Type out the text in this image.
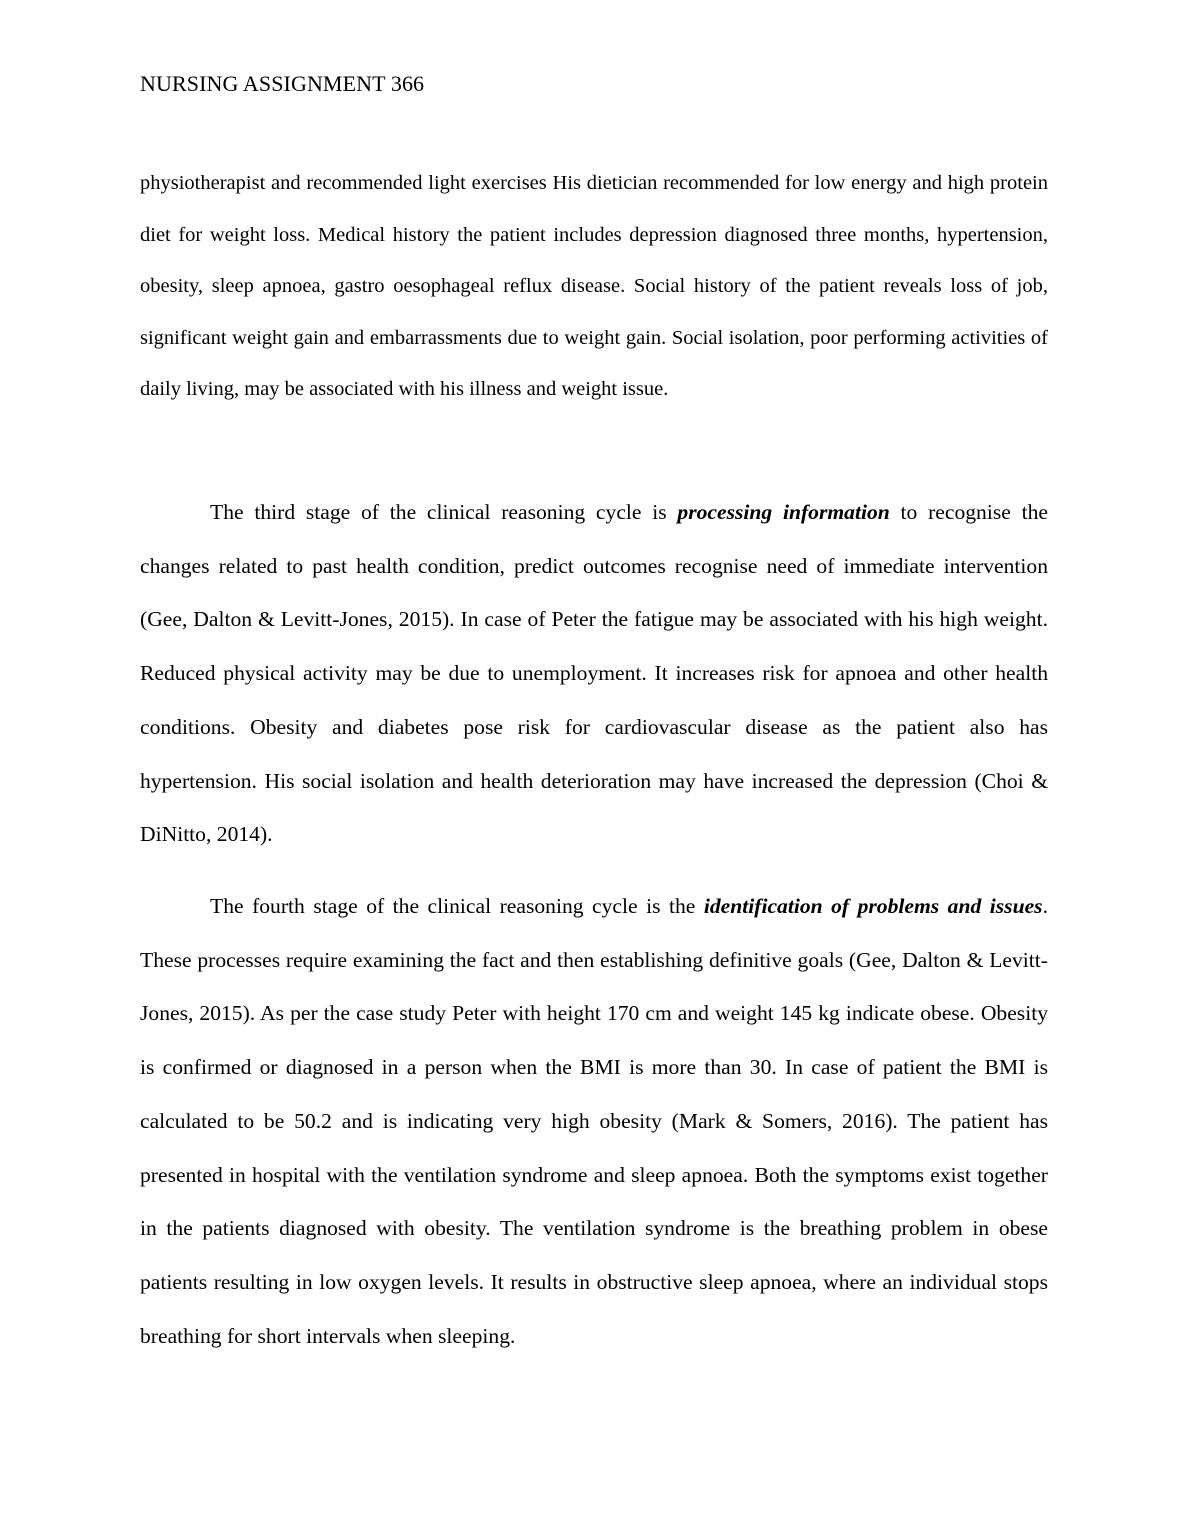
NURSING ASSIGNMENT 366

physiotherapist and recommended light exercises His dietician recommended for low energy and high protein diet for weight loss. Medical history the patient includes depression diagnosed three months, hypertension, obesity, sleep apnoea, gastro oesophageal reflux disease. Social history of the patient reveals loss of job, significant weight gain and embarrassments due to weight gain. Social isolation, poor performing activities of daily living, may be associated with his illness and weight issue.

The third stage of the clinical reasoning cycle is processing information to recognise the changes related to past health condition, predict outcomes recognise need of immediate intervention (Gee, Dalton & Levitt-Jones, 2015). In case of Peter the fatigue may be associated with his high weight. Reduced physical activity may be due to unemployment. It increases risk for apnoea and other health conditions. Obesity and diabetes pose risk for cardiovascular disease as the patient also has hypertension. His social isolation and health deterioration may have increased the depression (Choi & DiNitto, 2014).

The fourth stage of the clinical reasoning cycle is the identification of problems and issues. These processes require examining the fact and then establishing definitive goals (Gee, Dalton & Levitt-Jones, 2015). As per the case study Peter with height 170 cm and weight 145 kg indicate obese. Obesity is confirmed or diagnosed in a person when the BMI is more than 30. In case of patient the BMI is calculated to be 50.2 and is indicating very high obesity (Mark & Somers, 2016). The patient has presented in hospital with the ventilation syndrome and sleep apnoea. Both the symptoms exist together in the patients diagnosed with obesity. The ventilation syndrome is the breathing problem in obese patients resulting in low oxygen levels. It results in obstructive sleep apnoea, where an individual stops breathing for short intervals when sleeping.
